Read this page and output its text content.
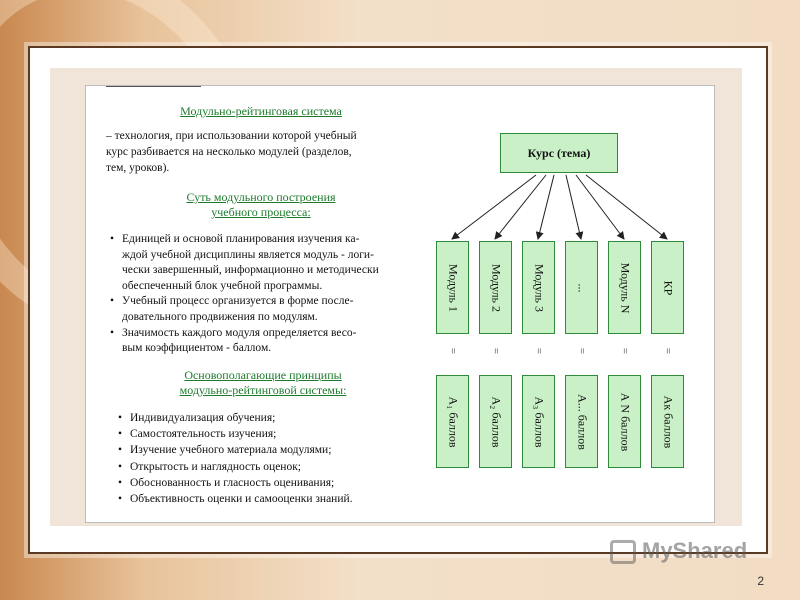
Модульно-рейтинговая система
– технология, при использовании которой учебный
курс разбивается на несколько модулей (разделов,
тем, уроков).
Суть модульного построения
учебного процесса:
• Единицей и основой планирования изучения ка-
ждой учебной дисциплины является модуль - логи-
чески завершенный, информационно и методически
обеспеченный блок учебной программы.
• Учебный процесс организуется в форме после-
довательного продвижения по модулям.
• Значимость каждого модуля определяется весо-
вым коэффициентом - баллом.
Основополагающие принципы
модульно-рейтинговой системы:
• Индивидуализация обучения;
• Самостоятельность изучения;
• Изучение учебного материала модулями;
• Открытость и наглядность оценок;
• Обоснованность и гласность оценивания;
• Объективность оценки и самооценки знаний.
Курс (тема)
Модуль 1 Модуль 2 Модуль 3 ... Модуль N КР
=	=	=	=	=	=
А₁ баллов А₂ баллов А₃ баллов А... баллов А N баллов Ак баллов
MyShared
2
